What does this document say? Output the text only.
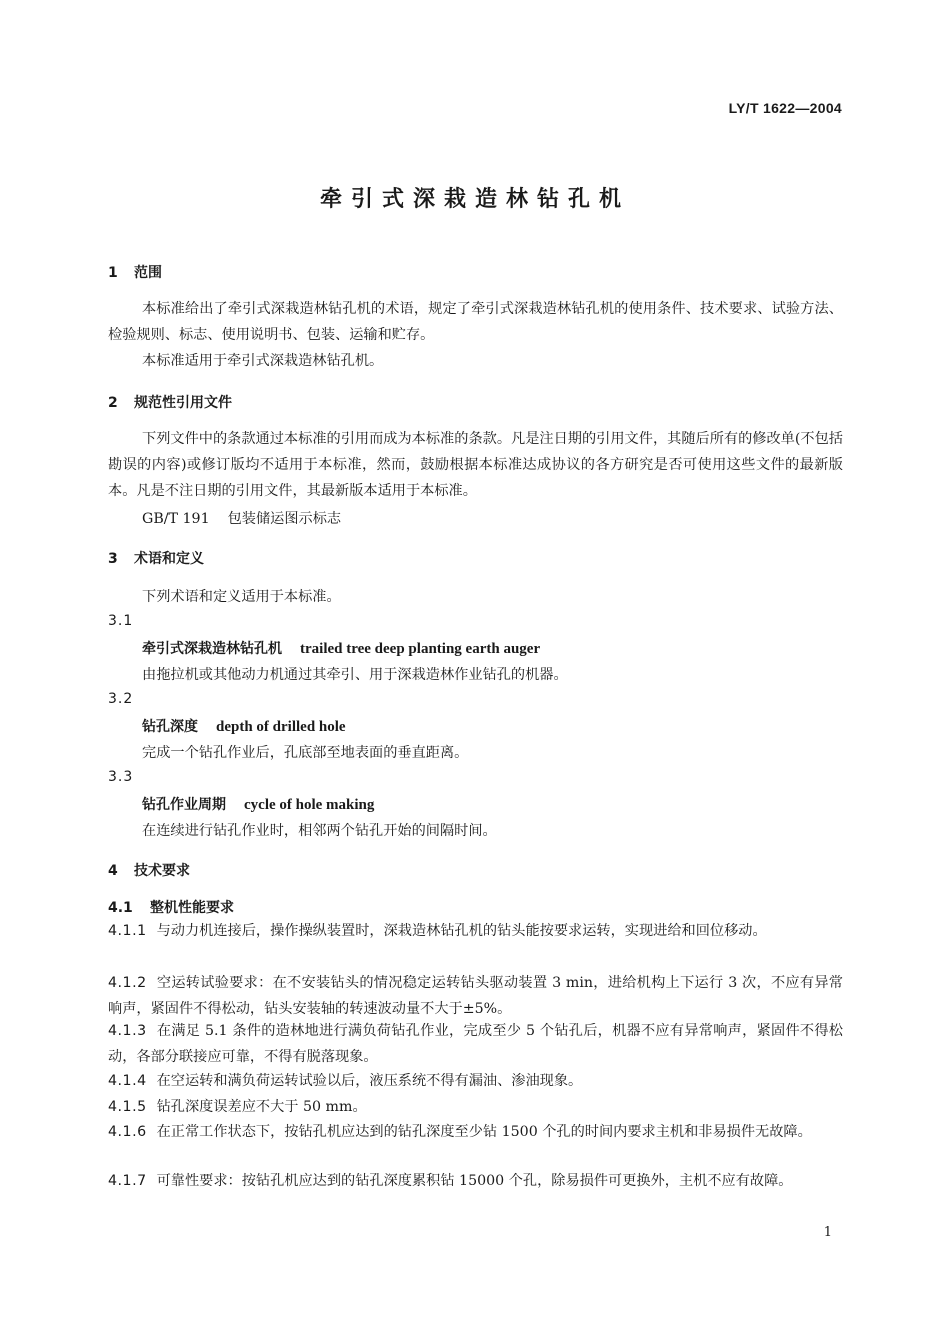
LY/T 1622—2004
牵引式深栽造林钻孔机
1 范围
本标准给出了牵引式深栽造林钻孔机的术语，规定了牵引式深栽造林钻孔机的使用条件、技术要求、试验方法、检验规则、标志、使用说明书、包装、运输和贮存。
本标准适用于牵引式深栽造林钻孔机。
2 规范性引用文件
下列文件中的条款通过本标准的引用而成为本标准的条款。凡是注日期的引用文件，其随后所有的修改单(不包括勘误的内容)或修订版均不适用于本标准，然而，鼓励根据本标准达成协议的各方研究是否可使用这些文件的最新版本。凡是不注日期的引用文件，其最新版本适用于本标准。
GB/T 191 包装储运图示标志
3 术语和定义
下列术语和定义适用于本标准。
3.1
牵引式深栽造林钻孔机 trailed tree deep planting earth auger
由拖拉机或其他动力机通过其牵引、用于深栽造林作业钻孔的机器。
3.2
钻孔深度 depth of drilled hole
完成一个钻孔作业后，孔底部至地表面的垂直距离。
3.3
钻孔作业周期 cycle of hole making
在连续进行钻孔作业时，相邻两个钻孔开始的间隔时间。
4 技术要求
4.1 整机性能要求
4.1.1 与动力机连接后，操作操纵装置时，深栽造林钻孔机的钻头能按要求运转，实现进给和回位移动。
4.1.2 空运转试验要求：在不安装钻头的情况稳定运转钻头驱动装置 3 min，进给机构上下运行 3 次，不应有异常响声，紧固件不得松动，钻头安装轴的转速波动量不大于±5%。
4.1.3 在满足 5.1 条件的造林地进行满负荷钻孔作业，完成至少 5 个钻孔后，机器不应有异常响声，紧固件不得松动，各部分联接应可靠，不得有脱落现象。
4.1.4 在空运转和满负荷运转试验以后，液压系统不得有漏油、渗油现象。
4.1.5 钻孔深度误差应不大于 50 mm。
4.1.6 在正常工作状态下，按钻孔机应达到的钻孔深度至少钻 1500 个孔的时间内要求主机和非易损件无故障。
4.1.7 可靠性要求：按钻孔机应达到的钻孔深度累积钻 15000 个孔，除易损件可更换外，主机不应有故障。
1
